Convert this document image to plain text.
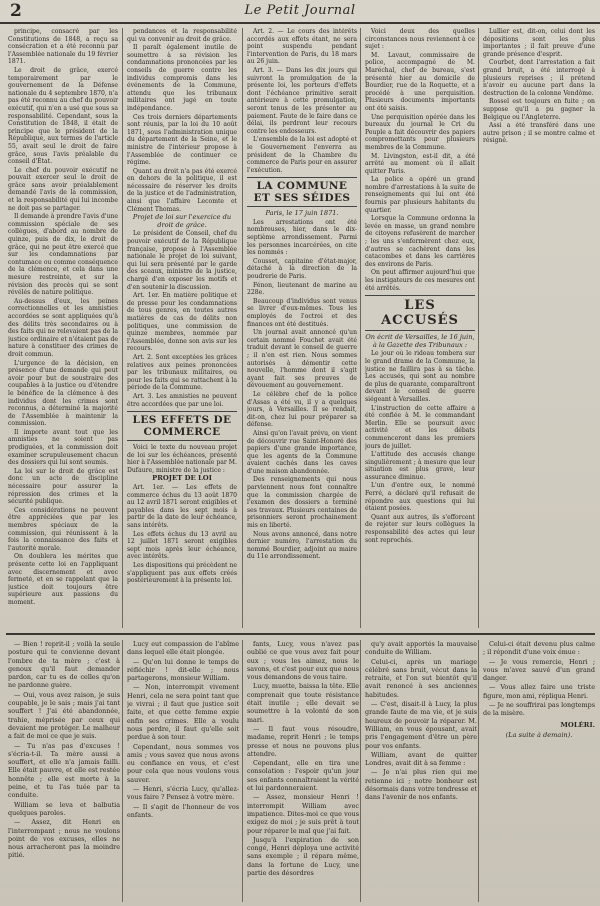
2	Le Petit Journal

principe, consacré par les Constitutions de 1848, a reçu sa consécration et a été reconnu par l'Assemblée nationale du 19 février 1871.

Le droit de grâce, exercé temporairement par le gouvernement de la Défense nationale du 4 septembre 1870, n'a pas été reconnu au chef du pouvoir exécutif, qui n'en a usé que sous sa responsabilité. Cependant, sous la Constitution de 1848, il était de principe que le président de la République, aux termes de l'article 55, avait seul le droit de faire grâce, sous l'avis préalable du conseil d'État.

Le chef du pouvoir exécutif ne pouvait exercer seul le droit de grâce sans avoir préalablement demandé l'avis de la commission, et la responsabilité qui lui incombe ne doit pas se partager.

Il demande à prendre l'avis d'une commission spéciale de ses collègues, d'abord au nombre de quinze, puis de dix, le droit de grâce, qui ne peut être exercé que sur les condamnations par contumace ou comme conséquence de la clémence, et cela dans une mesure restreinte, et sur la révision des procès qui se sont révélés de nature politique.

Au-dessus d'eux, les peines correctionnelles et les amnisties accordées se sont appliquées qu'à des délits très secondaires ou à des faits qui ne relevaient pas de la justice ordinaire et n'étaient pas de nature à constituer des crimes de droit commun.

L'urgence de la décision, en présence d'une demande qui peut avoir pour but de soustraire des coupables à la justice ou d'étendre le bénéfice de la clémence à des individus dont les crimes sont reconnus, a déterminé la majorité de l'Assemblée à maintenir la commission.

Il importe avant tout que les amnisties ne soient pas prodiguées, et la commission doit examiner scrupuleusement chacun des dossiers qui lui sont soumis.

La loi sur le droit de grâce est donc un acte de discipline nécessaire pour assurer la répression des crimes et la sécurité publique.

Ces considérations ne peuvent être appréciées que par les membres spéciaux de la commission, qui réunissent à la fois la connaissance des faits et l'autorité morale.

On doublera les mérites que présente cette loi en l'appliquant avec discernement et avec fermeté, et en se rappelant que la justice doit toujours être supérieure aux passions du moment.

pendances et la responsabilité qui va convenir au droit de grâce.

Il paraît également inutile de soumettre à sa révision les condamnations prononcées par les conseils de guerre contre les individus compromis dans les événements de la Commune, attendu que les tribunaux militaires ont jugé en toute indépendance.

Ces trois derniers départements sont réunis, par la loi du 10 août 1871, sous l'administration unique du département de la Seine, et le ministre de l'intérieur propose à l'Assemblée de continuer ce régime.

Quant au droit n'a pas été exercé en dehors de la politique, il est nécessaire de réserver les droits de la justice et de l'administration, ainsi que l'affaire Lecomte et Clément Thomas.

Projet de loi sur l'exercice du droit de grâce.

Le président de Conseil, chef du pouvoir exécutif de la République française, propose à l'Assemblée nationale le projet de loi suivant, qui lui sera présenté par le garde des sceaux, ministre de la justice, chargé d'en exposer les motifs et d'en soutenir la discussion.

Art. 1er. En matière politique et de presse pour les condamnations de tous genres, en toutes autres matières de cas de délits non politiques, une commission de quinze membres, nommée par l'Assemblée, donne son avis sur les recours.

Art. 2. Sont exceptées les grâces relatives aux peines prononcées par les tribunaux militaires, ou pour les faits qui se rattachent à la période de la Commune.

Art. 3. Les amnisties ne peuvent être accordées que par une loi.

LES EFFETS DE COMMERCE

Voici le texte du nouveau projet de loi sur les échéances, présenté hier à l'Assemblée nationale par M. Dufaure, ministre de la justice :

PROJET DE LOI

Art. 1er. — Les effets de commerce échus du 13 août 1870 au 12 avril 1871 seront exigibles et payables dans les sept mois à partir de la date de leur échéance, sans intérêts.

Les effets échus du 13 avril au 12 juillet 1871 seront exigibles sept mois après leur échéance, avec intérêts.

Les dispositions qui précèdent ne s'appliquent pas aux effets créés postérieurement à la présente loi.

Art. 2. — Le cours des intérêts accordés aux effets étant, ne sera point suspendu pendant l'intervention de Paris, du 18 mars au 26 juin.

Art. 3. — Dans les dix jours qui suivront la promulgation de la présente loi, les porteurs d'effets dont l'échéance primitive serait antérieure à cette promulgation, seront tenus de les présenter au paiement. Faute de le faire dans ce délai, ils perdront leur recours contre les endosseurs.

L'ensemble de la loi est adopté et le Gouvernement l'enverra au président de la Chambre du commerce de Paris pour en assurer l'exécution.

LA COMMUNE ET SES SÉIDES

Paris, le 17 juin 1871.

Les arrestations ont été nombreuses, hier, dans le dix-septième arrondissement. Parmi les personnes incarcérées, on cite les nommés :

Cousset, capitaine d'état-major, détaché à la direction de la poudrerie de Paris.

Fénon, lieutenant de marine au 228e.

Beaucoup d'individus sont venus se livrer d'eux-mêmes. Tous les employés de l'octroi et des finances ont été destitués.

Un journal avait annoncé qu'un certain nommé Fouchet avait été traduit devant le conseil de guerre ; il n'en est rien. Nous sommes autorisés à démentir cette nouvelle, l'homme dont il s'agit ayant fait ses preuves de dévouement au gouvernement.

Le célèbre chef de la police d'Assas a été vu, il y a quelques jours, à Versailles. Il se rendait, dit-on, chez lui pour préparer sa défense.

Ainsi qu'on l'avait prévu, on vient de découvrir rue Saint-Honoré des papiers d'une grande importance, que les agents de la Commune avaient cachés dans les caves d'une maison abandonnée.

Des renseignements qui nous parviennent nous font connaître que la commission chargée de l'examen des dossiers a terminé ses travaux. Plusieurs centaines de prisonniers seront prochainement mis en liberté.

Nous avons annoncé, dans notre dernier numéro, l'arrestation du nommé Bourdier, adjoint au maire du 11e arrondissement.

Voici deux des quelles circonstances nous reviennent à ce sujet :

M. Lavaut, commissaire de police, accompagné de M. Maréchal, chef de bureau, s'est présenté hier au domicile de Bourdier, rue de la Roquette, et a procédé à une perquisition. Plusieurs documents importants ont été saisis.

Une perquisition opérée dans les bureaux du journal le Cri du Peuple a fait découvrir des papiers compromettants pour plusieurs membres de la Commune.

M. Livingston, est-il dit, a été arrêté au moment où il allait quitter Paris.

La police a opéré un grand nombre d'arrestations à la suite de renseignements qui lui ont été fournis par plusieurs habitants du quartier.

Lorsque la Commune ordonna la levée en masse, un grand nombre de citoyens refusèrent de marcher ; les uns s'enfermèrent chez eux, d'autres se cachèrent dans les catacombes et dans les carrières des environs de Paris.

On peut affirmer aujourd'hui que les instigateurs de ces mesures ont été arrêtés.

LES ACCUSÉS

On écrit de Versailles, le 16 juin, à la Gazette des Tribunaux :

Le jour où le rideau tombera sur le grand drame de la Commune, la justice ne faillira pas à sa tâche. Les accusés, qui sont au nombre de plus de quarante, comparaîtront devant le conseil de guerre siégeant à Versailles.

L'instruction de cette affaire a été confiée à M. le commandant Merlin. Elle se poursuit avec activité et les débats commenceront dans les premiers jours de juillet.

L'attitude des accusés change singulièrement ; à mesure que leur situation est plus grave, leur assurance diminue.

L'un d'entre eux, le nommé Ferré, a déclaré qu'il refusait de répondre aux questions qui lui étaient posées.

Quant aux autres, ils s'efforcent de rejeter sur leurs collègues la responsabilité des actes qui leur sont reprochés.

Lullier est, dit-on, celui dont les dépositions sont les plus importantes ; il fait preuve d'une grande présence d'esprit.

Courbet, dont l'arrestation a fait grand bruit, a été interrogé à plusieurs reprises ; il prétend n'avoir eu aucune part dans la destruction de la colonne Vendôme.

Rossel est toujours en fuite ; on suppose qu'il a pu gagner la Belgique ou l'Angleterre.

Assi a été transféré dans une autre prison ; il se montre calme et résigné.

— Bien ! reprit-il ; voilà la seule posture qui te convienne devant l'ombre de ta mère ; c'est à genoux qu'il faut demander pardon, car tu es de celles qu'on ne pardonne guère.

— Oui, vous avez raison, je suis coupable, je le sais ; mais j'ai tant souffert ! J'ai été abandonnée, trahie, méprisée par ceux qui devaient me protéger. Le malheur a fait de moi ce que je suis.

— Tu n'as pas d'excuses ! s'écria-t-il. Ta mère aussi a souffert, et elle n'a jamais failli. Elle était pauvre, et elle est restée honnête ; elle est morte à la peine, et tu l'as tuée par ta conduite.

William se leva et balbutia quelques paroles.

— Assez, dit Henri en l'interrompant ; nous ne voulons point de vos excuses, elles ne nous arracheront pas la moindre pitié.

Lucy eut compassion de l'abîme dans lequel elle était plongée.

— Qu'on lui donne le temps de réfléchir ! dit-elle ; nous partagerons, monsieur William.

— Non, interrompit vivement Henri, cela ne sera point tant que je vivrai ; il faut que justice soit faite, et que cette femme expie enfin ses crimes. Elle a voulu nous perdre, il faut qu'elle soit perdue à son tour.

Cependant, nous sommes vos amis ; vous savez que nous avons eu confiance en vous, et c'est pour cela que nous voulons vous sauver.

— Henri, s'écria Lucy, qu'allez-vous faire ? Pensez à votre mère.

— Il s'agit de l'honneur de vos enfants.

fants, Lucy, vous n'avez pas oublié ce que vous avez fait pour eux ; vous les aimez, nous le savons, et c'est pour eux que nous vous demandons de vous taire.

Lucy, muette, baissa la tête. Elle comprenait que toute résistance était inutile ; elle devait se soumettre à la volonté de son mari.

— Il faut vous résoudre, madame, reprit Henri ; le temps presse et nous ne pouvons plus attendre.

Cependant, elle en tira une consolation : l'espoir qu'un jour ses enfants connaîtraient la vérité et lui pardonneraient.

— Assez, monsieur Henri ! interrompit William avec impatience. Dites-moi ce que vous exigez de moi ; je suis prêt à tout pour réparer le mal que j'ai fait.

Jusqu'à l'expiration de son congé, Henri déploya une activité sans exemple ; il répara même, dans la fortune de Lucy, une partie des désordres

qu'y avait apportés la mauvaise conduite de William.

Celui-ci, après un mariage célébré sans bruit, vécut dans la retraite, et l'on sut bientôt qu'il avait renoncé à ses anciennes habitudes.

— C'est, disait-il à Lucy, la plus grande faute de ma vie, et je suis heureux de pouvoir la réparer. M. William, en vous épousant, avait pris l'engagement d'être un père pour vos enfants.

William, avant de quitter Londres, avait dit à sa femme :

— Je n'ai plus rien qui me retienne ici ; notre bonheur est désormais dans votre tendresse et dans l'avenir de nos enfants.

Celui-ci était devenu plus calme ; il répondit d'une voix émue :

— Je vous remercie, Henri ; vous m'avez sauvé d'un grand danger.

— Vous allez faire une triste figure, mon ami, répliqua Henri.

— Je ne souffrirai pas longtemps de la misère.

MOLÉRI.
(La suite à demain).
